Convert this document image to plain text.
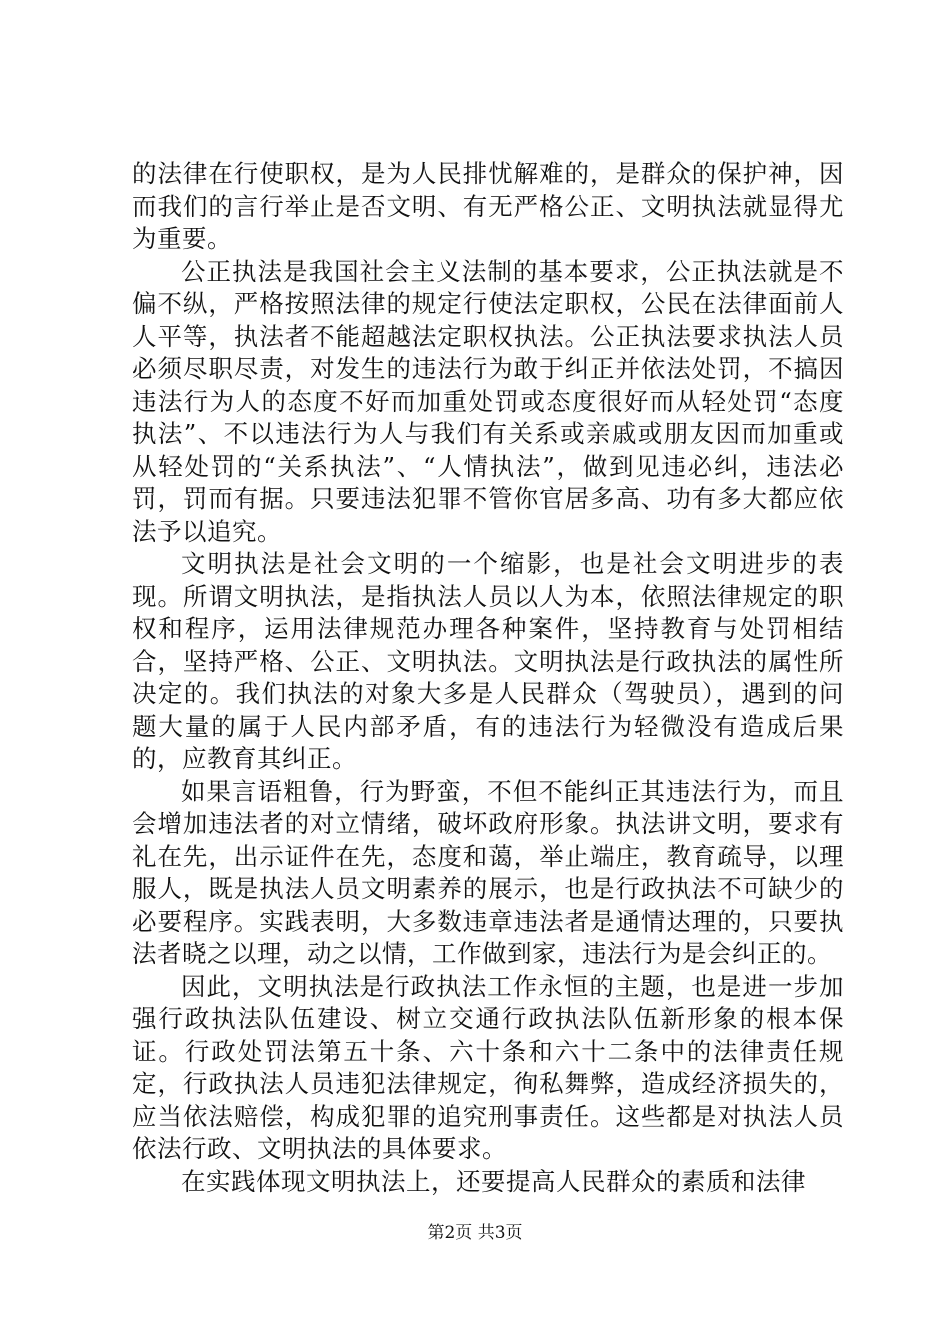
的法律在行使职权，是为人民排忧解难的，是群众的保护神，因而我们的言行举止是否文明、有无严格公正、文明执法就显得尤为重要。

公正执法是我国社会主义法制的基本要求，公正执法就是不偏不纵，严格按照法律的规定行使法定职权，公民在法律面前人人平等，执法者不能超越法定职权执法。公正执法要求执法人员必须尽职尽责，对发生的违法行为敢于纠正并依法处罚，不搞因违法行为人的态度不好而加重处罚或态度很好而从轻处罚“态度执法”、不以违法行为人与我们有关系或亲戚或朋友因而加重或从轻处罚的“关系执法”、“人情执法”，做到见违必纠，违法必罚，罚而有据。只要违法犯罪不管你官居多高、功有多大都应依法予以追究。

文明执法是社会文明的一个缩影，也是社会文明进步的表现。所谓文明执法，是指执法人员以人为本，依照法律规定的职权和程序，运用法律规范办理各种案件，坚持教育与处罚相结合，坚持严格、公正、文明执法。文明执法是行政执法的属性所决定的。我们执法的对象大多是人民群众（驾驶员），遇到的问题大量的属于人民内部矛盾，有的违法行为轻微没有造成后果的，应教育其纠正。

如果言语粗鲁，行为野蛮，不但不能纠正其违法行为，而且会增加违法者的对立情绪，破坏政府形象。执法讲文明，要求有礼在先，出示证件在先，态度和蔼，举止端庄，教育疏导，以理服人，既是执法人员文明素养的展示，也是行政执法不可缺少的必要程序。实践表明，大多数违章违法者是通情达理的，只要执法者晓之以理，动之以情，工作做到家，违法行为是会纠正的。

因此，文明执法是行政执法工作永恒的主题，也是进一步加强行政执法队伍建设、树立交通行政执法队伍新形象的根本保证。行政处罚法第五十条、六十条和六十二条中的法律责任规定，行政执法人员违犯法律规定，徇私舞弊，造成经济损失的，应当依法赔偿，构成犯罪的追究刑事责任。这些都是对执法人员依法行政、文明执法的具体要求。

在实践体现文明执法上，还要提高人民群众的素质和法律

第2页 共3页
